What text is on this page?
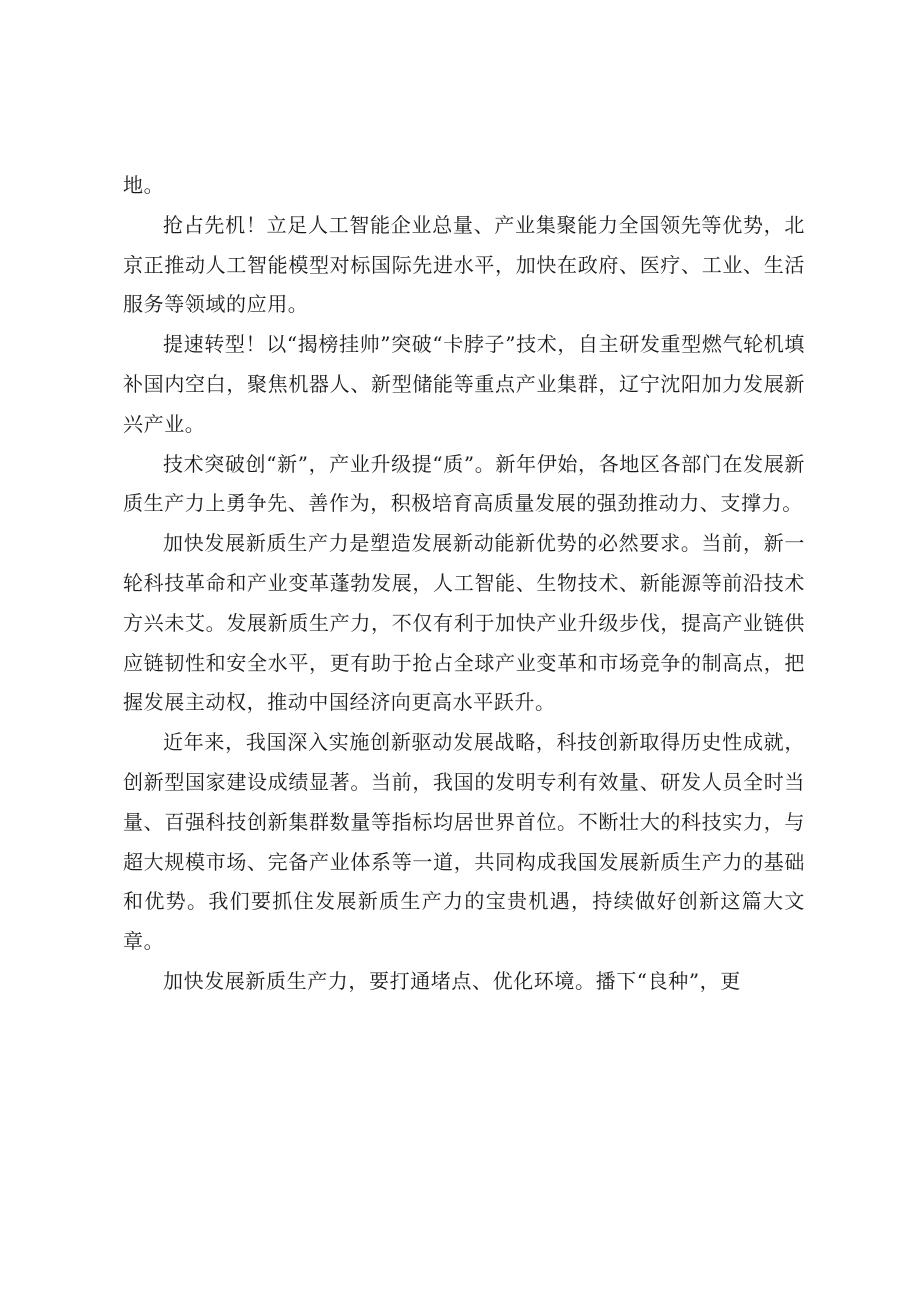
地。

抢占先机！立足人工智能企业总量、产业集聚能力全国领先等优势，北京正推动人工智能模型对标国际先进水平，加快在政府、医疗、工业、生活服务等领域的应用。

提速转型！以“揭榜挂帅”突破“卡脖子”技术，自主研发重型燃气轮机填补国内空白，聚焦机器人、新型储能等重点产业集群，辽宁沈阳加力发展新兴产业。

技术突破创“新”，产业升级提“质”。新年伊始，各地区各部门在发展新质生产力上勇争先、善作为，积极培育高质量发展的强劲推动力、支撑力。

加快发展新质生产力是塑造发展新动能新优势的必然要求。当前，新一轮科技革命和产业变革蓬勃发展，人工智能、生物技术、新能源等前沿技术方兴未艾。发展新质生产力，不仅有利于加快产业升级步伐，提高产业链供应链韧性和安全水平，更有助于抢占全球产业变革和市场竞争的制高点，把握发展主动权，推动中国经济向更高水平跃升。

近年来，我国深入实施创新驱动发展战略，科技创新取得历史性成就，创新型国家建设成绩显著。当前，我国的发明专利有效量、研发人员全时当量、百强科技创新集群数量等指标均居世界首位。不断壮大的科技实力，与超大规模市场、完备产业体系等一道，共同构成我国发展新质生产力的基础和优势。我们要抓住发展新质生产力的宝贵机遇，持续做好创新这篇大文章。

加快发展新质生产力，要打通堵点、优化环境。播下“良种”，更
